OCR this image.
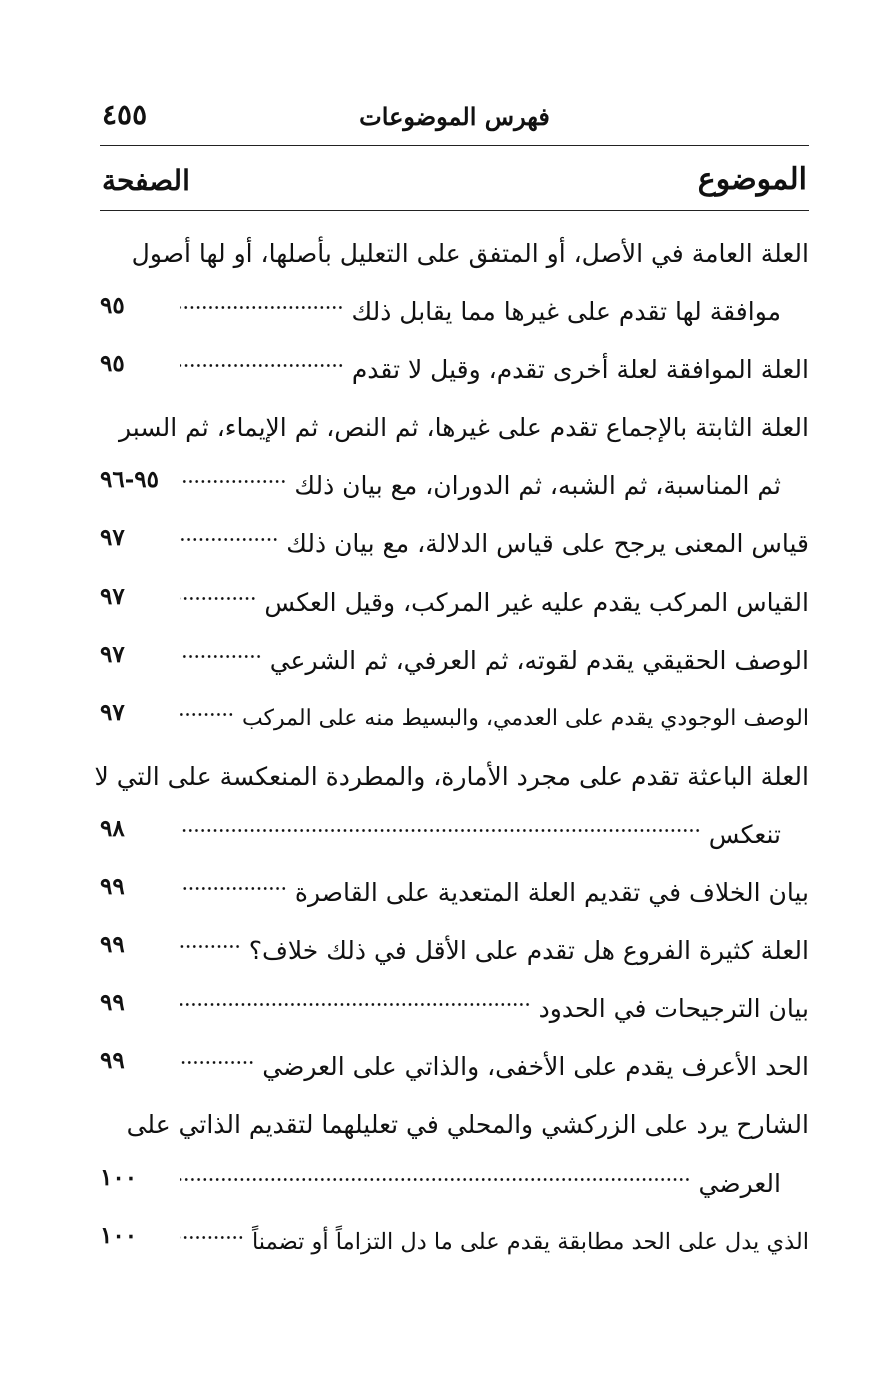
فهرس الموضوعات
٤٥٥
الموضوع
الصفحة
العلة العامة في الأصل، أو المتفق على التعليل بأصلها، أو لها أصول
موافقة لها تقدم على غيرها مما يقابل ذلك
٩٥
العلة الموافقة لعلة أخرى تقدم، وقيل لا تقدم
٩٥
العلة الثابتة بالإجماع تقدم على غيرها، ثم النص، ثم الإيماء، ثم السبر
ثم المناسبة، ثم الشبه، ثم الدوران، مع بيان ذلك
٩٥-٩٦
قياس المعنى يرجح على قياس الدلالة، مع بيان ذلك
٩٧
القياس المركب يقدم عليه غير المركب، وقيل العكس
٩٧
الوصف الحقيقي يقدم لقوته، ثم العرفي، ثم الشرعي
٩٧
الوصف الوجودي يقدم على العدمي، والبسيط منه على المركب
٩٧
العلة الباعثة تقدم على مجرد الأمارة، والمطردة المنعكسة على التي لا
تنعكس
٩٨
بيان الخلاف في تقديم العلة المتعدية على القاصرة
٩٩
العلة كثيرة الفروع هل تقدم على الأقل في ذلك خلاف؟
٩٩
بيان الترجيحات في الحدود
٩٩
الحد الأعرف يقدم على الأخفى، والذاتي على العرضي
٩٩
الشارح يرد على الزركشي والمحلي في تعليلهما لتقديم الذاتي على
العرضي
١٠٠
الذي يدل على الحد مطابقة يقدم على ما دل التزاماً أو تضمناً
١٠٠
